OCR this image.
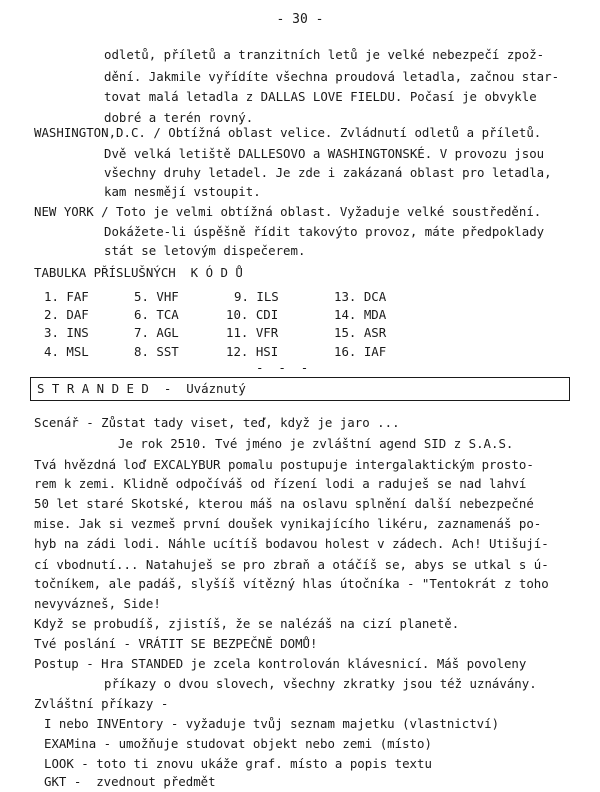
- 30 -
odletů, příletů a tranzitních letů je velké nebezpečí zpož-
dění. Jakmile vyřídíte všechna proudová letadla, začnou star-
tovat malá letadla z DALLAS LOVE FIELDU. Počasí je obvykle
dobré a terén rovný.
WASHINGTON,D.C. / Obtížná oblast velice. Zvládnutí odletů a příletů.
Dvě velká letiště DALLESOVO a WASHINGTONSKÉ. V provozu jsou
všechny druhy letadel. Je zde i zakázaná oblast pro letadla,
kam nesmějí vstoupit.
NEW YORK / Toto je velmi obtížná oblast. Vyžaduje velké soustředění.
Dokážete-li úspěšně řídit takovýto provoz, máte předpoklady
stát se letovým dispečerem.
TABULKA PŘÍSLUŠNÝCH  K Ó D Ů
1. FAF	5. VHF	9. ILS	13. DCA
2. DAF	6. TCA	10. CDI	14. MDA
3. INS	7. AGL	11. VFR	15. ASR
4. MSL	8. SST	12. HSI	16. IAF
-  -  -
S T R A N D E D  -  Uváznutý
Scenář - Zůstat tady viset, teď, když je jaro ...
Je rok 2510. Tvé jméno je zvláštní agend SID z S.A.S.
Tvá hvězdná loď EXCALYBUR pomalu postupuje intergalaktickým prosto-
rem k zemi. Klidně odpočíváš od řízení lodi a raduješ se nad lahví
50 let staré Skotské, kterou máš na oslavu splnění další nebezpečné
mise. Jak si vezmeš první doušek vynikajícího likéru, zaznamenáš po-
hyb na zádi lodi. Náhle ucítíš bodavou holest v zádech. Ach! Utišují-
cí vbodnutí... Natahuješ se pro zbraň a otáčíš se, abys se utkal s ú-
točníkem, ale padáš, slyšíš vítězný hlas útočníka - "Tentokrát z toho
nevyvázneš, Side!
Když se probudíš, zjistíš, že se nalézáš na cizí planetě.
Tvé poslání - VRÁTIT SE BEZPEČNĚ DOMŮ!
Postup - Hra STANDED je zcela kontrolován klávesnicí. Máš povoleny
příkazy o dvou slovech, všechny zkratky jsou též uznávány.
Zvláštní příkazy -
I nebo INVEntory - vyžaduje tvůj seznam majetku (vlastnictví)
EXAMina - umožňuje studovat objekt nebo zemi (místo)
LOOK - toto ti znovu ukáže graf. místo a popis textu
GKT -  zvednout předmět
